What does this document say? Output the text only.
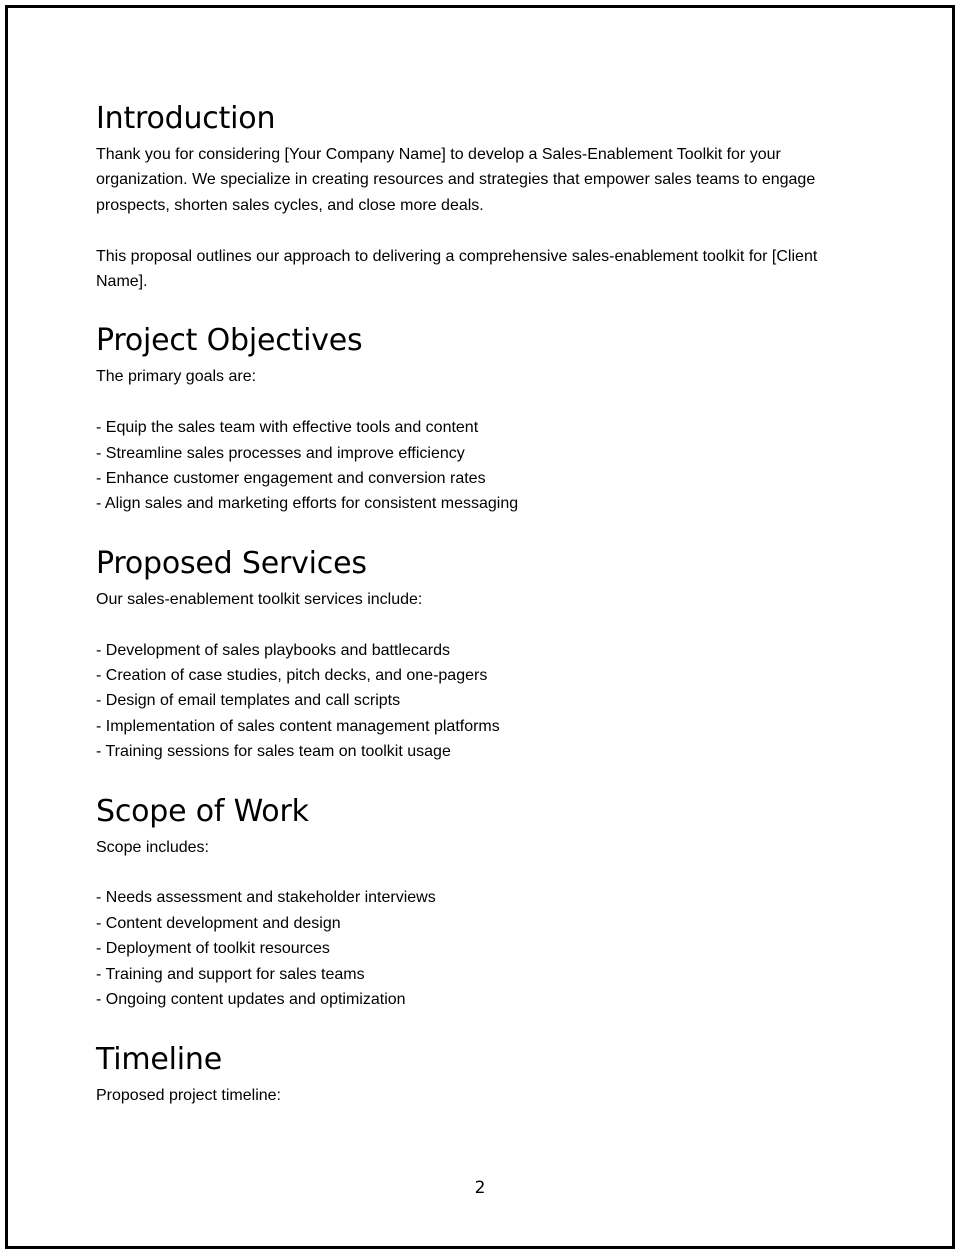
Introduction

Thank you for considering [Your Company Name] to develop a Sales-Enablement Toolkit for your organization. We specialize in creating resources and strategies that empower sales teams to engage prospects, shorten sales cycles, and close more deals.

This proposal outlines our approach to delivering a comprehensive sales-enablement toolkit for [Client Name].

Project Objectives

The primary goals are:

- Equip the sales team with effective tools and content
- Streamline sales processes and improve efficiency
- Enhance customer engagement and conversion rates
- Align sales and marketing efforts for consistent messaging
Proposed Services

Our sales-enablement toolkit services include:

- Development of sales playbooks and battlecards
- Creation of case studies, pitch decks, and one-pagers
- Design of email templates and call scripts
- Implementation of sales content management platforms
- Training sessions for sales team on toolkit usage
Scope of Work

Scope includes:

- Needs assessment and stakeholder interviews
- Content development and design
- Deployment of toolkit resources
- Training and support for sales teams
- Ongoing content updates and optimization
Timeline

Proposed project timeline:

2
